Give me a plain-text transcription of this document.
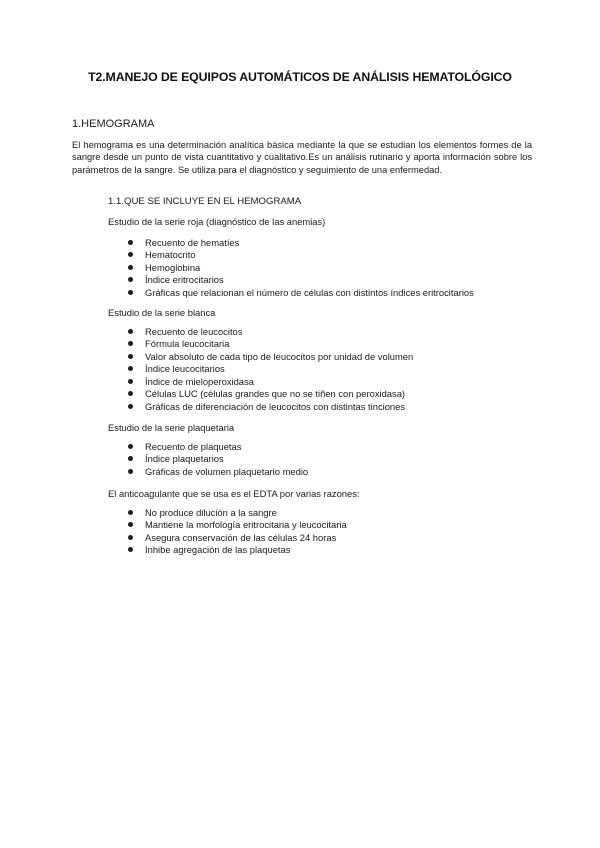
T2.MANEJO DE EQUIPOS AUTOMÁTICOS DE ANÁLISIS HEMATOLÓGICO
1.HEMOGRAMA
El hemograma es una determinación analítica básica mediante la que se estudian los elementos formes de la sangre desde un punto de vista cuantitativo y cualitativo.Es un análisis rutinario y aporta información sobre los parámetros de la sangre. Se utiliza para el diagnóstico y seguimiento de una enfermedad.
1.1.QUE SE INCLUYE EN EL HEMOGRAMA

Estudio de la serie roja (diagnóstico de las anemias)

Recuento de hematíes
Hematocrito
Hemoglobina
Índice eritrocitarios
Gráficas que relacionan el número de células con distintos índices eritrocitarios

Estudio de la serie blanca

Recuento de leucocitos
Fórmula leucocitaria
Valor absoluto de cada tipo de leucocitos por unidad de volumen
Índice leucocitarios
Índice de mieloperoxidasa
Células LUC (células grandes que no se tiñen con peroxidasa)
Gráficas de diferenciación de leucocitos con distintas tinciones

Estudio de la serie plaquetaria

Recuento de plaquetas
Índice plaquetarios
Gráficas de volumen plaquetario medio

El anticoagulante que se usa es el EDTA por varias razones:

No produce dilución a la sangre
Mantiene la morfología eritrocitaria y leucocitaria
Asegura conservación de las células 24 horas
Inhibe agregación de las plaquetas
